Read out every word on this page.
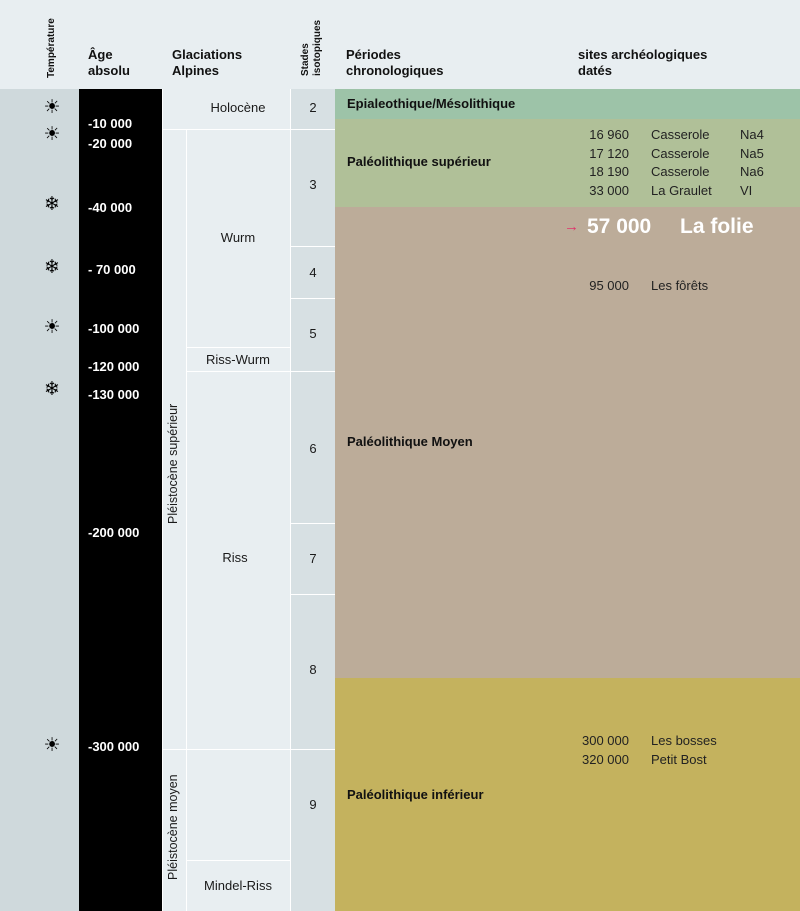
Température Âge
absolu
Glaciations
Alpines	Stades isotopiques Périodes
chronologiques
sites archéologiques
datés
☀
☀
❄
❄
☀
❄
☀
-10 000
-20 000
-40 000
- 70 000
-100 000
-120 000
-130 000
-200 000
-300 000
Pléistocène supérieur
Pléistocène moyen
Holocène
Wurm
Riss-Wurm
Riss
Mindel-Riss
2
3
4
5
6
7
8
9
Epialeothique/Mésolithique
Paléolithique supérieur
Paléolithique Moyen
Paléolithique inférieur
16 960 Casserole Na4
17 120 Casserole Na5
18 190 Casserole Na6
33 000 La Graulet VI
→ 57 000 La folie
95 000 Les fôrêts
300 000 Les bosses
320 000 Petit Bost
